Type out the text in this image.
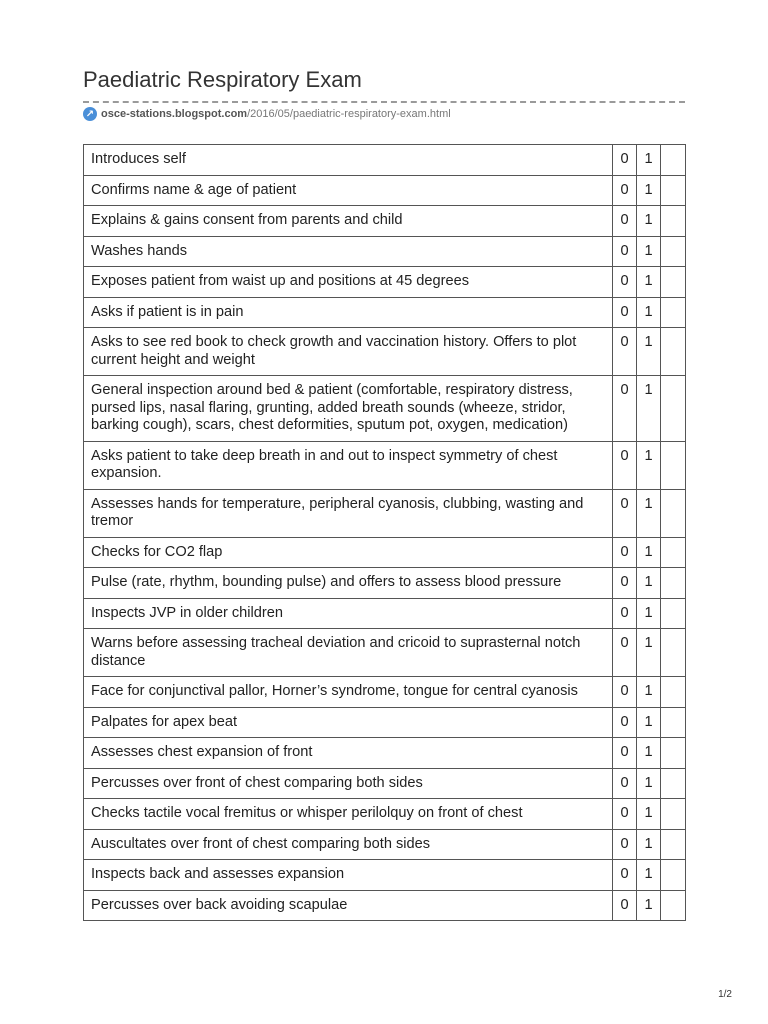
Paediatric Respiratory Exam
↗ osce-stations.blogspot.com /2016/05/paediatric-respiratory-exam.html
Introduces self	0	1	
Confirms name & age of patient	0	1	
Explains & gains consent from parents and child	0	1	
Washes hands	0	1	
Exposes patient from waist up and positions at 45 degrees	0	1	
Asks if patient is in pain	0	1	
Asks to see red book to check growth and vaccination history. Offers to plot current height and weight	0	1	
General inspection around bed & patient (comfortable, respiratory distress, pursed lips, nasal flaring, grunting, added breath sounds (wheeze, stridor, barking cough), scars, chest deformities, sputum pot, oxygen, medication)	0	1	
Asks patient to take deep breath in and out to inspect symmetry of chest expansion.	0	1	
Assesses hands for temperature, peripheral cyanosis, clubbing, wasting and tremor	0	1	
Checks for CO2 flap	0	1	
Pulse (rate, rhythm, bounding pulse) and offers to assess blood pressure	0	1	
Inspects JVP in older children	0	1	
Warns before assessing tracheal deviation and cricoid to suprasternal notch distance	0	1	
Face for conjunctival pallor, Horner’s syndrome, tongue for central cyanosis	0	1	
Palpates for apex beat	0	1	
Assesses chest expansion of front	0	1	
Percusses over front of chest comparing both sides	0	1	
Checks tactile vocal fremitus or whisper perilolquy on front of chest	0	1	
Auscultates over front of chest comparing both sides	0	1	
Inspects back and assesses expansion	0	1	
Percusses over back avoiding scapulae	0	1	
1/2
